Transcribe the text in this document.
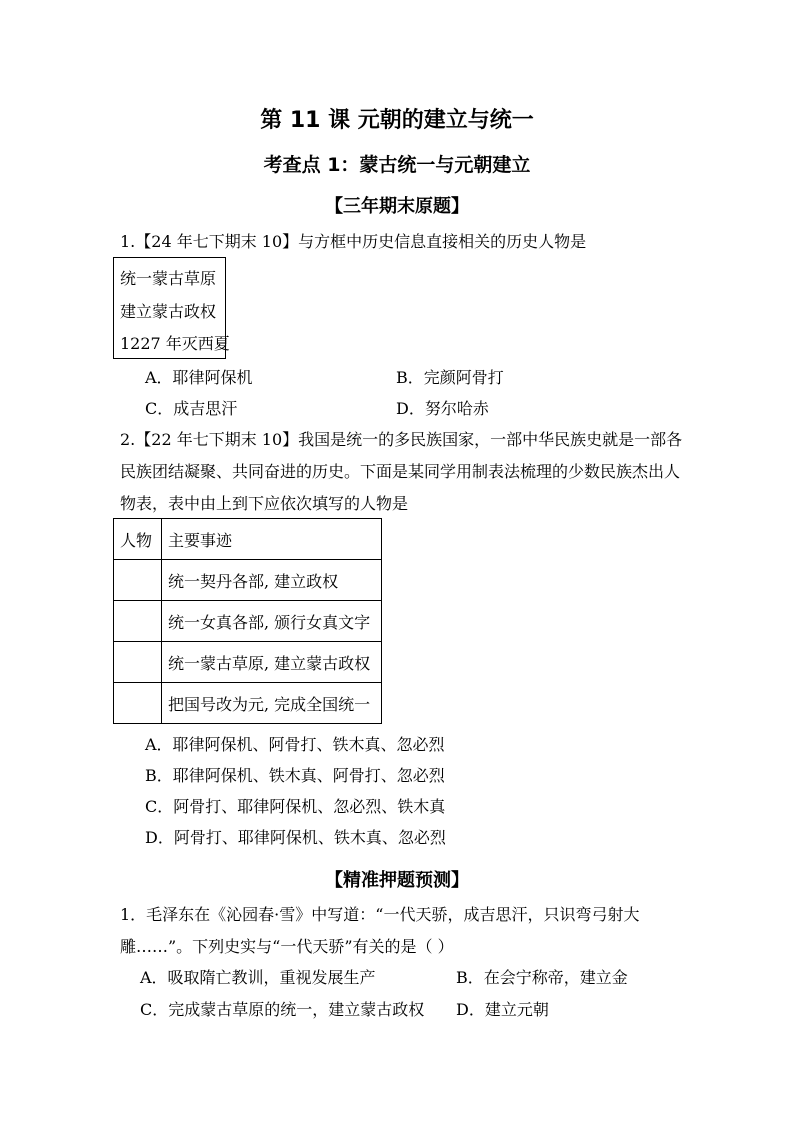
第 11 课 元朝的建立与统一
考查点 1：蒙古统一与元朝建立
【三年期末原题】
1.【24 年七下期末 10】与方框中历史信息直接相关的历史人物是
统一蒙古草原
建立蒙古政权
1227 年灭西夏
A．耶律阿保机	B．完颜阿骨打
C．成吉思汗	D．努尔哈赤
2.【22 年七下期末 10】我国是统一的多民族国家，一部中华民族史就是一部各
民族团结凝聚、共同奋进的历史。下面是某同学用制表法梳理的少数民族杰出人
物表，表中由上到下应依次填写的人物是
人物	主要事迹
	统一契丹各部, 建立政权
	统一女真各部, 颁行女真文字
	统一蒙古草原, 建立蒙古政权
	把国号改为元, 完成全国统一
A．耶律阿保机、阿骨打、铁木真、忽必烈
B．耶律阿保机、铁木真、阿骨打、忽必烈
C．阿骨打、耶律阿保机、忽必烈、铁木真
D．阿骨打、耶律阿保机、铁木真、忽必烈
【精准押题预测】
1．毛泽东在《沁园春·雪》中写道：“一代天骄，成吉思汗，只识弯弓射大
雕……”。下列史实与“一代天骄”有关的是（ ）
A．吸取隋亡教训，重视发展生产	B．在会宁称帝，建立金
C．完成蒙古草原的统一，建立蒙古政权 D．建立元朝
